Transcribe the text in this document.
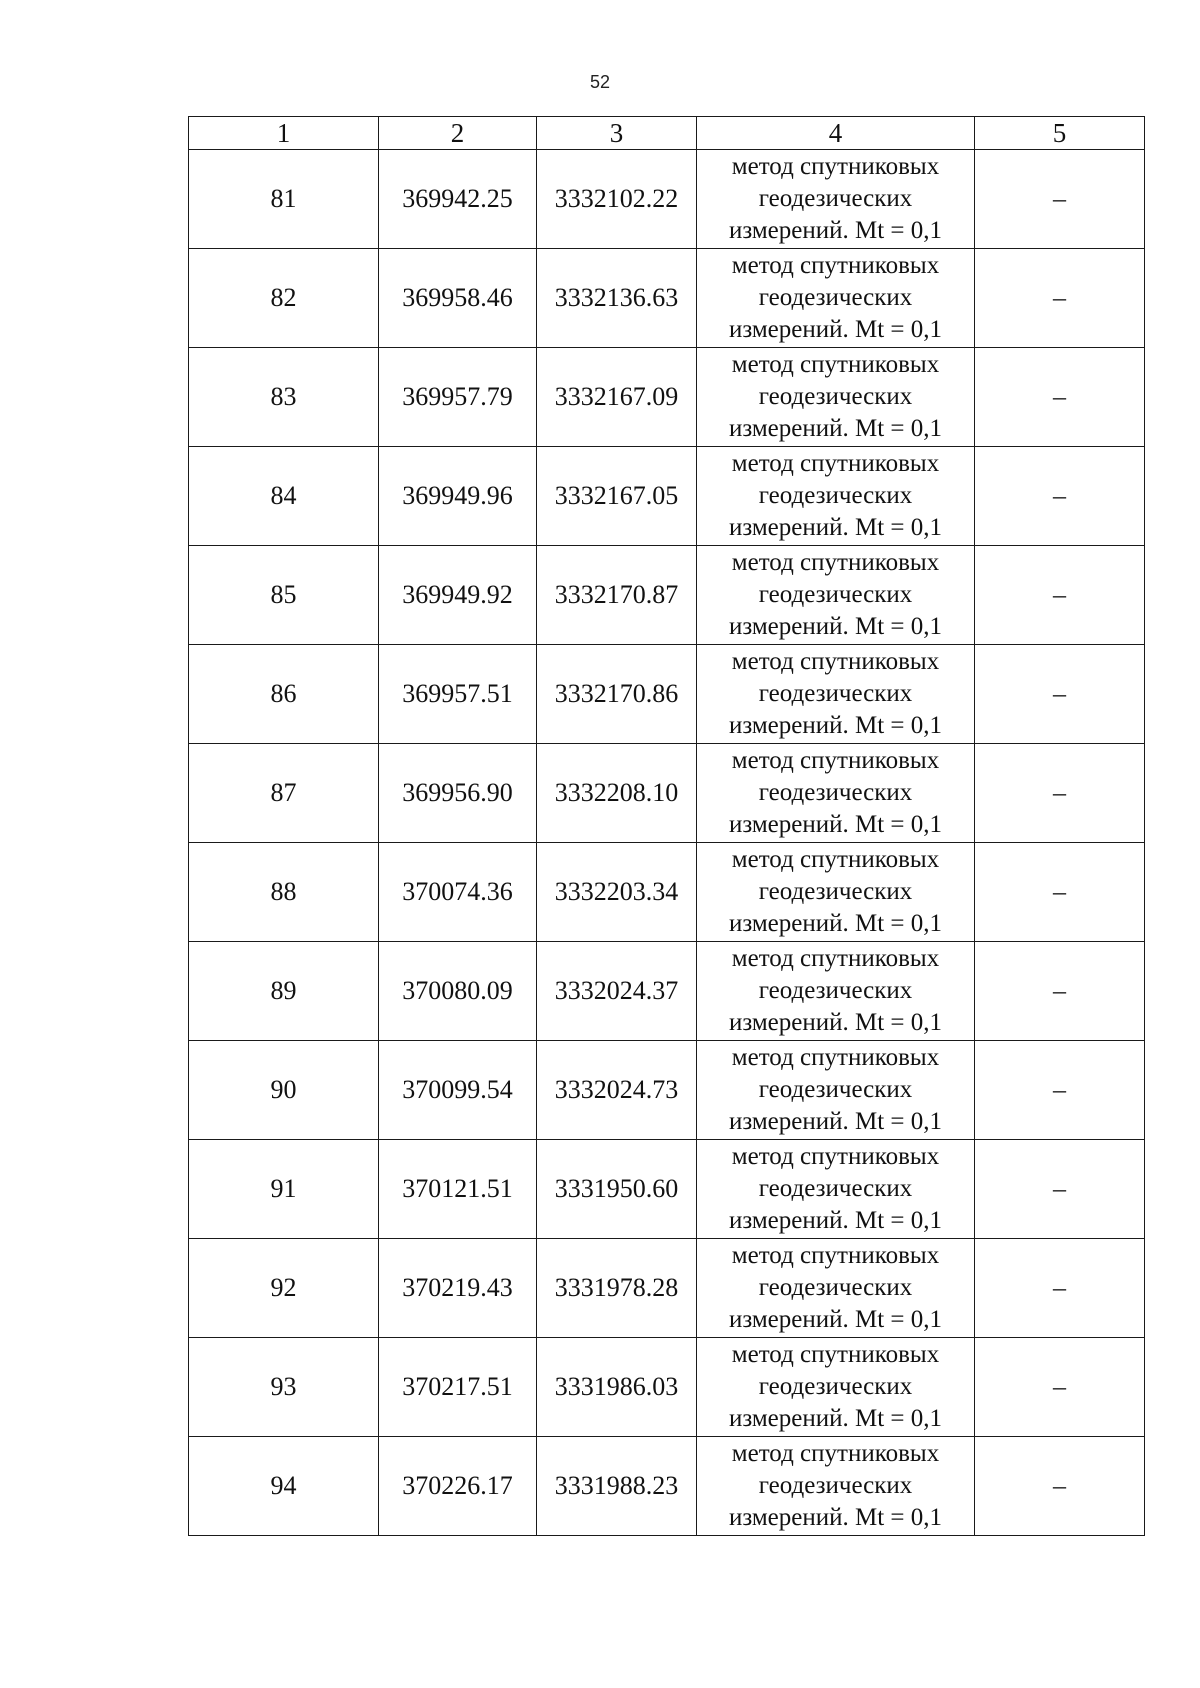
52
1	2	3	4	5
81	369942.25	3332102.22	метод спутниковых геодезических измерений. Mt = 0,1	–
82	369958.46	3332136.63	метод спутниковых геодезических измерений. Mt = 0,1	–
83	369957.79	3332167.09	метод спутниковых геодезических измерений. Mt = 0,1	–
84	369949.96	3332167.05	метод спутниковых геодезических измерений. Mt = 0,1	–
85	369949.92	3332170.87	метод спутниковых геодезических измерений. Mt = 0,1	–
86	369957.51	3332170.86	метод спутниковых геодезических измерений. Mt = 0,1	–
87	369956.90	3332208.10	метод спутниковых геодезических измерений. Mt = 0,1	–
88	370074.36	3332203.34	метод спутниковых геодезических измерений. Mt = 0,1	–
89	370080.09	3332024.37	метод спутниковых геодезических измерений. Mt = 0,1	–
90	370099.54	3332024.73	метод спутниковых геодезических измерений. Mt = 0,1	–
91	370121.51	3331950.60	метод спутниковых геодезических измерений. Mt = 0,1	–
92	370219.43	3331978.28	метод спутниковых геодезических измерений. Mt = 0,1	–
93	370217.51	3331986.03	метод спутниковых геодезических измерений. Mt = 0,1	–
94	370226.17	3331988.23	метод спутниковых геодезических измерений. Mt = 0,1	–
